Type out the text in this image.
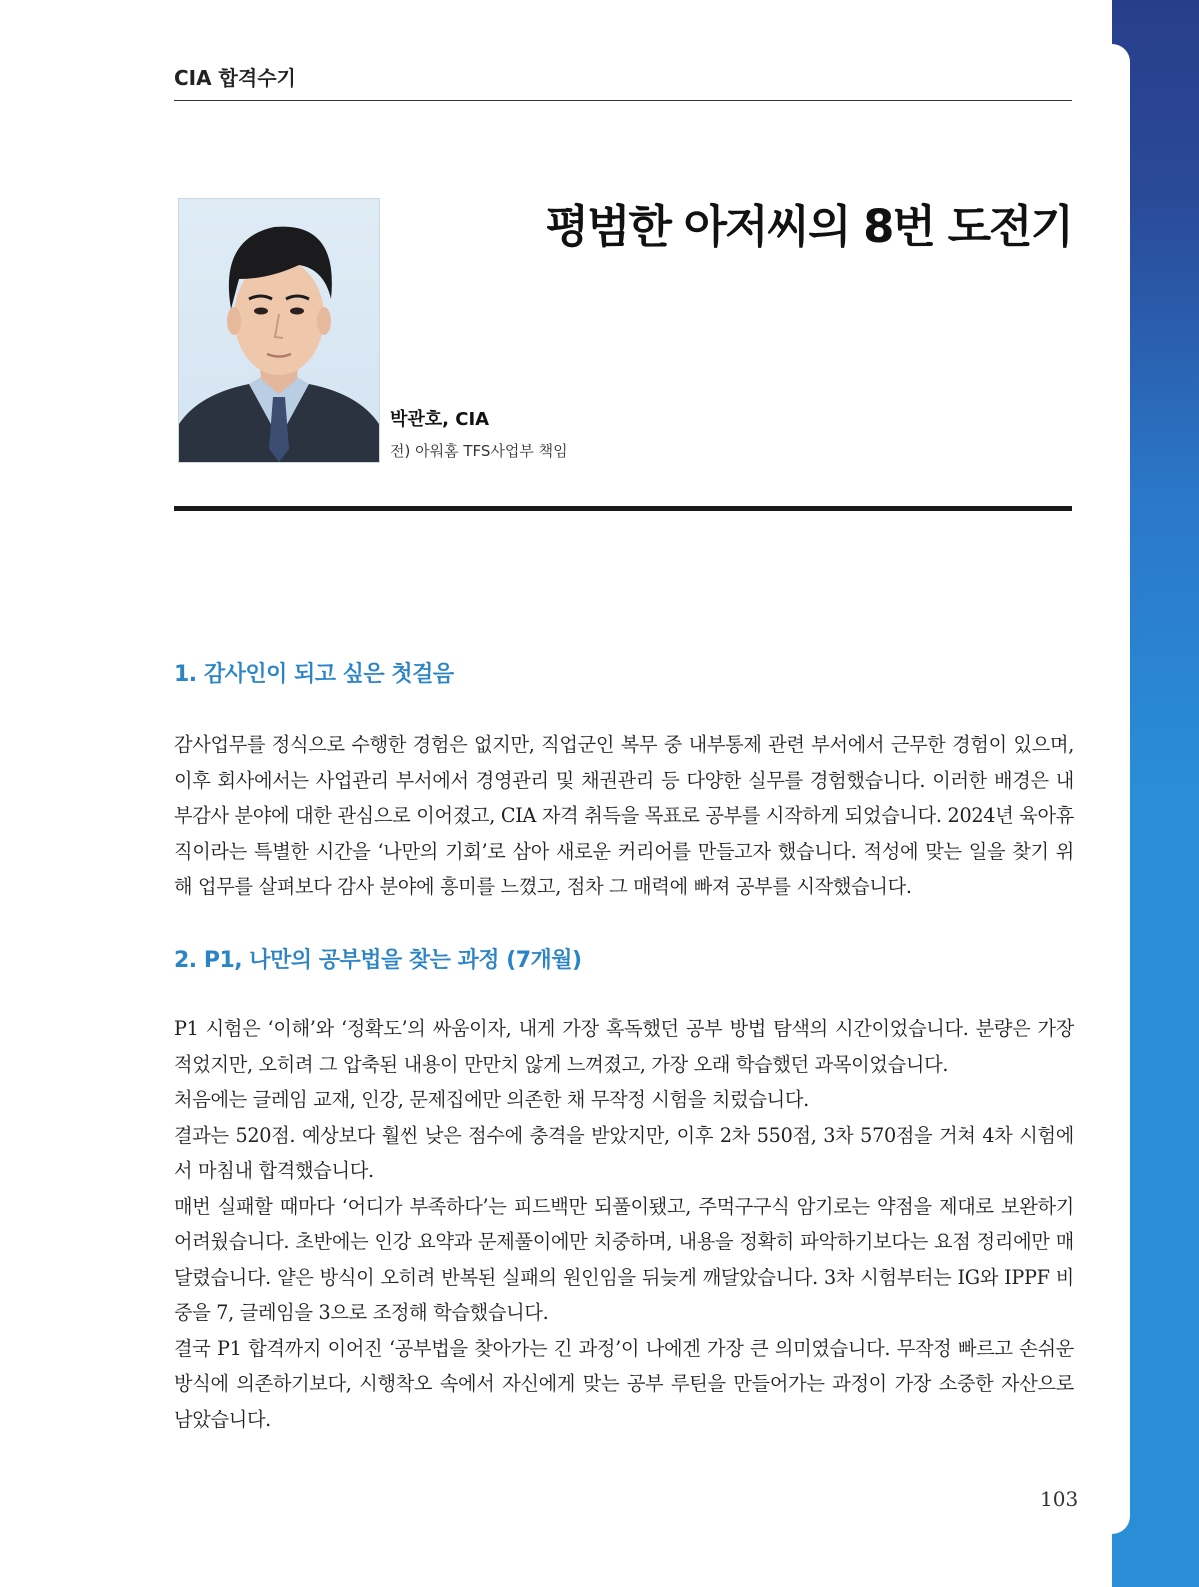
CIA 합격수기
평범한 아저씨의 8번 도전기
박관호, CIA
전) 아워홈 TFS사업부 책임
1. 감사인이 되고 싶은 첫걸음

감사업무를 정식으로 수행한 경험은 없지만, 직업군인 복무 중 내부통제 관련 부서에서 근무한 경험이 있으며, 이후 회사에서는 사업관리 부서에서 경영관리 및 채권관리 등 다양한 실무를 경험했습니다. 이러한 배경은 내부감사 분야에 대한 관심으로 이어졌고, CIA 자격 취득을 목표로 공부를 시작하게 되었습니다. 2024년 육아휴직이라는 특별한 시간을 ‘나만의 기회’로 삼아 새로운 커리어를 만들고자 했습니다. 적성에 맞는 일을 찾기 위해 업무를 살펴보다 감사 분야에 흥미를 느꼈고, 점차 그 매력에 빠져 공부를 시작했습니다.

2. P1, 나만의 공부법을 찾는 과정 (7개월)

P1 시험은 ‘이해’와 ‘정확도’의 싸움이자, 내게 가장 혹독했던 공부 방법 탐색의 시간이었습니다. 분량은 가장 적었지만, 오히려 그 압축된 내용이 만만치 않게 느껴졌고, 가장 오래 학습했던 과목이었습니다.

처음에는 글레임 교재, 인강, 문제집에만 의존한 채 무작정 시험을 치렀습니다.

결과는 520점. 예상보다 훨씬 낮은 점수에 충격을 받았지만, 이후 2차 550점, 3차 570점을 거쳐 4차 시험에서 마침내 합격했습니다.

매번 실패할 때마다 ‘어디가 부족하다’는 피드백만 되풀이됐고, 주먹구구식 암기로는 약점을 제대로 보완하기 어려웠습니다. 초반에는 인강 요약과 문제풀이에만 치중하며, 내용을 정확히 파악하기보다는 요점 정리에만 매달렸습니다. 얕은 방식이 오히려 반복된 실패의 원인임을 뒤늦게 깨달았습니다. 3차 시험부터는 IG와 IPPF 비중을 7, 글레임을 3으로 조정해 학습했습니다.

결국 P1 합격까지 이어진 ‘공부법을 찾아가는 긴 과정’이 나에겐 가장 큰 의미였습니다. 무작정 빠르고 손쉬운 방식에 의존하기보다, 시행착오 속에서 자신에게 맞는 공부 루틴을 만들어가는 과정이 가장 소중한 자산으로 남았습니다.

103
